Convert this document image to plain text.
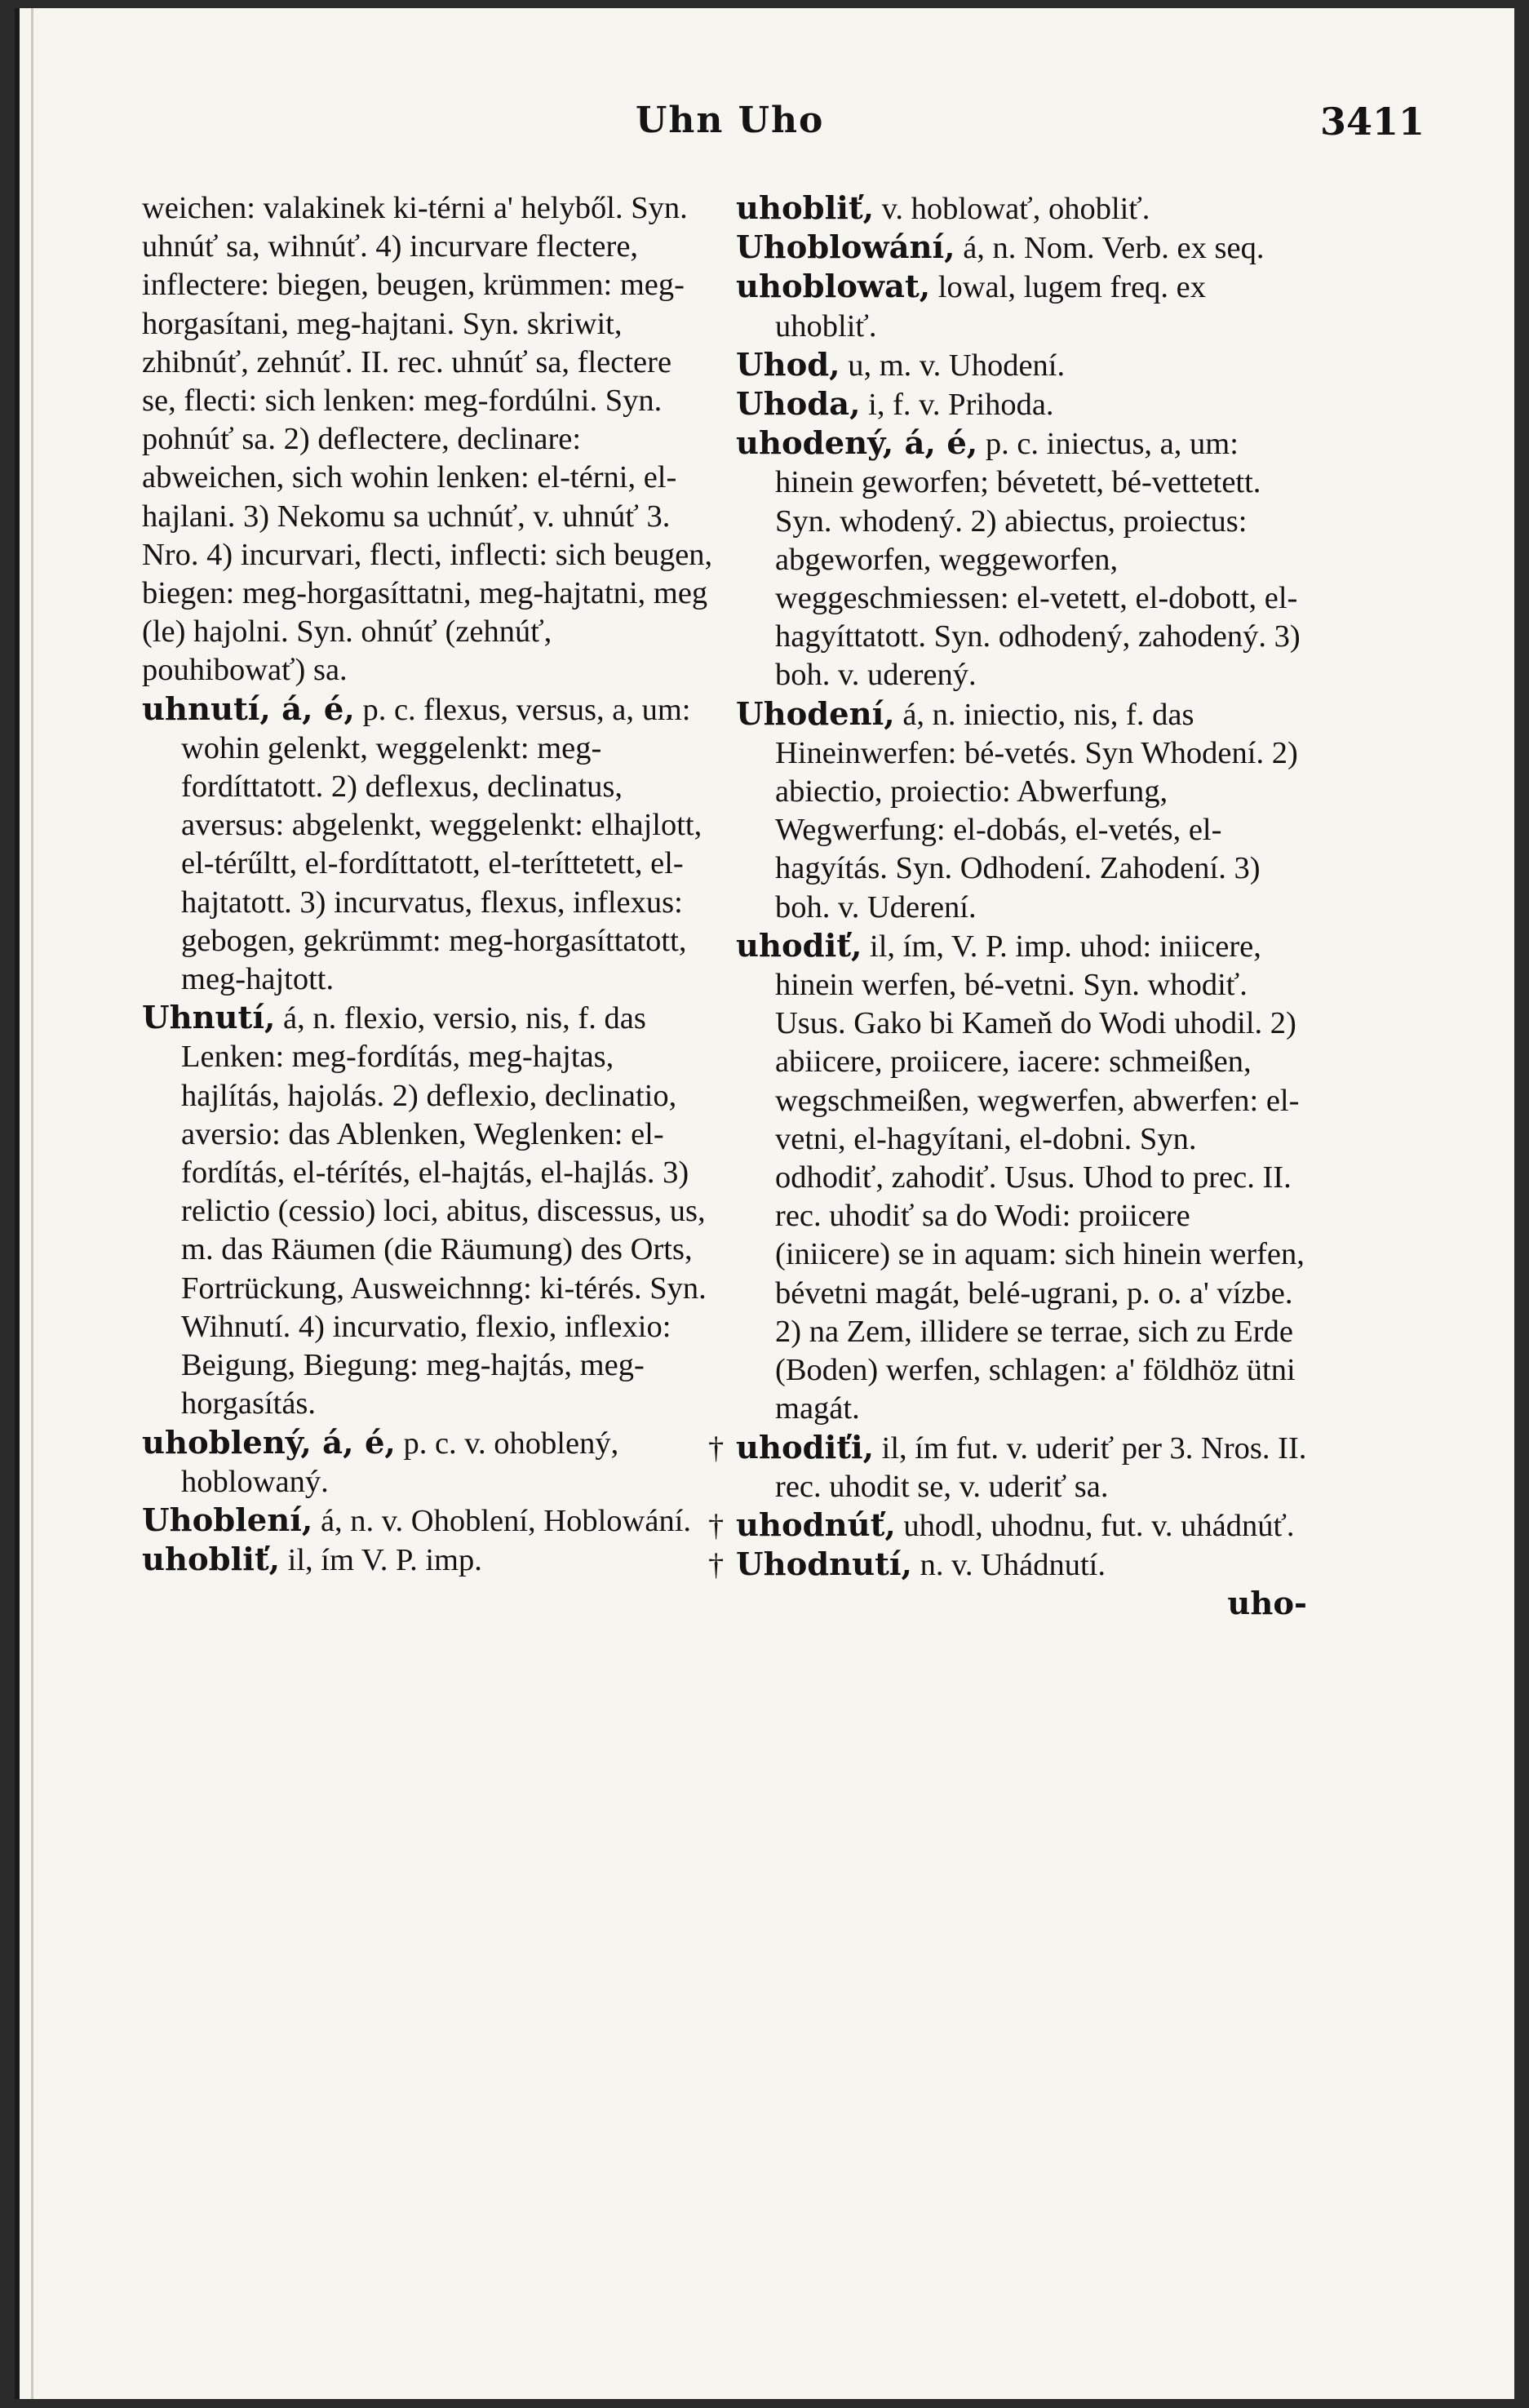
Uhn Uho	3411

weichen: valakinek ki-térni a' helyből. Syn. uhnúť sa, wihnúť. 4) incurvare flectere, inflectere: biegen, beugen, krümmen: meg-horgasítani, meg-hajtani. Syn. skriwit, zhibnúť, zehnúť. II. rec. uhnúť sa, flectere se, flecti: sich lenken: meg-fordúlni. Syn. pohnúť sa. 2) deflectere, declinare: abweichen, sich wohin lenken: el-térni, el-hajlani. 3) Nekomu sa uchnúť, v. uhnúť 3. Nro. 4) incurvari, flecti, inflecti: sich beugen, biegen: meg-horgasíttatni, meg-hajtatni, meg (le) hajolni. Syn. ohnúť (zehnúť, pouhibowať) sa.

uhnutí, á, é, p. c. flexus, versus, a, um: wohin gelenkt, weggelenkt: meg-fordíttatott. 2) deflexus, declinatus, aversus: abgelenkt, weggelenkt: elhajlott, el-térűltt, el-fordíttatott, el-teríttetett, el-hajtatott. 3) incurvatus, flexus, inflexus: gebogen, gekrümmt: meg-horgasíttatott, meg-hajtott.

Uhnutí, á, n. flexio, versio, nis, f. das Lenken: meg-fordítás, meg-hajtas, hajlítás, hajolás. 2) deflexio, declinatio, aversio: das Ablenken, Weglenken: el-fordítás, el-térítés, el-hajtás, el-hajlás. 3) relictio (cessio) loci, abitus, discessus, us, m. das Räumen (die Räumung) des Orts, Fortrückung, Ausweichnng: ki-térés. Syn. Wihnutí. 4) incurvatio, flexio, inflexio: Beigung, Biegung: meg-hajtás, meg-horgasítás.

uhoblený, á, é, p. c. v. ohoblený, hoblowaný.

Uhoblení, á, n. v. Ohoblení, Hoblowání.

uhobliť, il, ím V. P. imp.

uhobliť, v. hoblowať, ohobliť.

Uhoblowání, á, n. Nom. Verb. ex seq.

uhoblowat, lowal, lugem freq. ex uhobliť.

Uhod, u, m. v. Uhodení.

Uhoda, i, f. v. Prihoda.

uhodený, á, é, p. c. iniectus, a, um: hinein geworfen; bévetett, bé-vettetett. Syn. whodený. 2) abiectus, proiectus: abgeworfen, weggeworfen, weggeschmiessen: el-vetett, el-dobott, el-hagyíttatott. Syn. odhodený, zahodený. 3) boh. v. uderený.

Uhodení, á, n. iniectio, nis, f. das Hineinwerfen: bé-vetés. Syn Whodení. 2) abiectio, proiectio: Abwerfung, Wegwerfung: el-dobás, el-vetés, el-hagyítás. Syn. Odhodení. Zahodení. 3) boh. v. Uderení.

uhodiť, il, ím, V. P. imp. uhod: iniicere, hinein werfen, bé-vetni. Syn. whodiť. Usus. Gako bi Kameň do Wodi uhodil. 2) abiicere, proiicere, iacere: schmeißen, wegschmeißen, wegwerfen, abwerfen: el-vetni, el-hagyítani, el-dobni. Syn. odhodiť, zahodiť. Usus. Uhod to prec. II. rec. uhodiť sa do Wodi: proiicere (iniicere) se in aquam: sich hinein werfen, bévetni magát, belé-ugrani, p. o. a' vízbe. 2) na Zem, illidere se terrae, sich zu Erde (Boden) werfen, schlagen: a' földhöz ütni magát.

† uhodiťi, il, ím fut. v. uderiť per 3. Nros. II. rec. uhodit se, v. uderiť sa.

† uhodnúť, uhodl, uhodnu, fut. v. uhádnúť.

† Uhodnutí, n. v. Uhádnutí.

uho-
